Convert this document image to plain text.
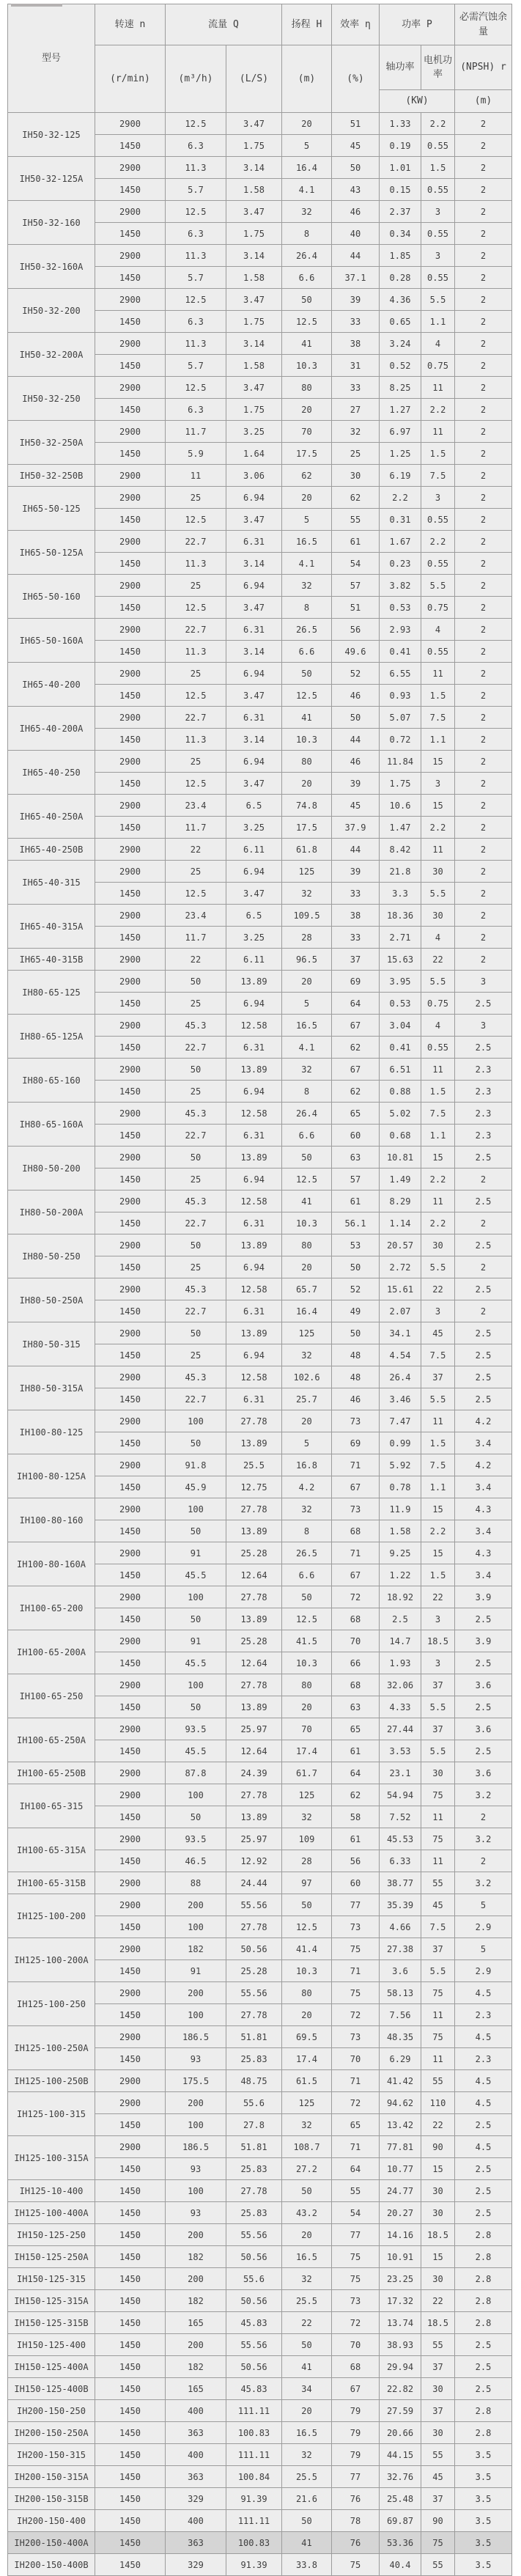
型号	转速 n	流量 Q		扬程 H	效率 η	功率 P		必需汽蚀余量
	(r/min)	(m³/h)	(L/S)	(m)	(%)	轴功率	电机功率	(NPSH) r
						(KW)		(m)
IH50-32-125	2900	12.5	3.47	20	51	1.33	2.2	2
	1450	6.3	1.75	5	45	0.19	0.55	2
IH50-32-125A	2900	11.3	3.14	16.4	50	1.01	1.5	2
	1450	5.7	1.58	4.1	43	0.15	0.55	2
IH50-32-160	2900	12.5	3.47	32	46	2.37	3	2
	1450	6.3	1.75	8	40	0.34	0.55	2
IH50-32-160A	2900	11.3	3.14	26.4	44	1.85	3	2
	1450	5.7	1.58	6.6	37.1	0.28	0.55	2
IH50-32-200	2900	12.5	3.47	50	39	4.36	5.5	2
	1450	6.3	1.75	12.5	33	0.65	1.1	2
IH50-32-200A	2900	11.3	3.14	41	38	3.24	4	2
	1450	5.7	1.58	10.3	31	0.52	0.75	2
IH50-32-250	2900	12.5	3.47	80	33	8.25	11	2
	1450	6.3	1.75	20	27	1.27	2.2	2
IH50-32-250A	2900	11.7	3.25	70	32	6.97	11	2
	1450	5.9	1.64	17.5	25	1.25	1.5	2
IH50-32-250B	2900	11	3.06	62	30	6.19	7.5	2
IH65-50-125	2900	25	6.94	20	62	2.2	3	2
	1450	12.5	3.47	5	55	0.31	0.55	2
IH65-50-125A	2900	22.7	6.31	16.5	61	1.67	2.2	2
	1450	11.3	3.14	4.1	54	0.23	0.55	2
IH65-50-160	2900	25	6.94	32	57	3.82	5.5	2
	1450	12.5	3.47	8	51	0.53	0.75	2
IH65-50-160A	2900	22.7	6.31	26.5	56	2.93	4	2
	1450	11.3	3.14	6.6	49.6	0.41	0.55	2
IH65-40-200	2900	25	6.94	50	52	6.55	11	2
	1450	12.5	3.47	12.5	46	0.93	1.5	2
IH65-40-200A	2900	22.7	6.31	41	50	5.07	7.5	2
	1450	11.3	3.14	10.3	44	0.72	1.1	2
IH65-40-250	2900	25	6.94	80	46	11.84	15	2
	1450	12.5	3.47	20	39	1.75	3	2
IH65-40-250A	2900	23.4	6.5	74.8	45	10.6	15	2
	1450	11.7	3.25	17.5	37.9	1.47	2.2	2
IH65-40-250B	2900	22	6.11	61.8	44	8.42	11	2
IH65-40-315	2900	25	6.94	125	39	21.8	30	2
	1450	12.5	3.47	32	33	3.3	5.5	2
IH65-40-315A	2900	23.4	6.5	109.5	38	18.36	30	2
	1450	11.7	3.25	28	33	2.71	4	2
IH65-40-315B	2900	22	6.11	96.5	37	15.63	22	2
IH80-65-125	2900	50	13.89	20	69	3.95	5.5	3
	1450	25	6.94	5	64	0.53	0.75	2.5
IH80-65-125A	2900	45.3	12.58	16.5	67	3.04	4	3
	1450	22.7	6.31	4.1	62	0.41	0.55	2.5
IH80-65-160	2900	50	13.89	32	67	6.51	11	2.3
	1450	25	6.94	8	62	0.88	1.5	2.3
IH80-65-160A	2900	45.3	12.58	26.4	65	5.02	7.5	2.3
	1450	22.7	6.31	6.6	60	0.68	1.1	2.3
IH80-50-200	2900	50	13.89	50	63	10.81	15	2.5
	1450	25	6.94	12.5	57	1.49	2.2	2
IH80-50-200A	2900	45.3	12.58	41	61	8.29	11	2.5
	1450	22.7	6.31	10.3	56.1	1.14	2.2	2
IH80-50-250	2900	50	13.89	80	53	20.57	30	2.5
	1450	25	6.94	20	50	2.72	5.5	2
IH80-50-250A	2900	45.3	12.58	65.7	52	15.61	22	2.5
	1450	22.7	6.31	16.4	49	2.07	3	2
IH80-50-315	2900	50	13.89	125	50	34.1	45	2.5
	1450	25	6.94	32	48	4.54	7.5	2.5
IH80-50-315A	2900	45.3	12.58	102.6	48	26.4	37	2.5
	1450	22.7	6.31	25.7	46	3.46	5.5	2.5
IH100-80-125	2900	100	27.78	20	73	7.47	11	4.2
	1450	50	13.89	5	69	0.99	1.5	3.4
IH100-80-125A	2900	91.8	25.5	16.8	71	5.92	7.5	4.2
	1450	45.9	12.75	4.2	67	0.78	1.1	3.4
IH100-80-160	2900	100	27.78	32	73	11.9	15	4.3
	1450	50	13.89	8	68	1.58	2.2	3.4
IH100-80-160A	2900	91	25.28	26.5	71	9.25	15	4.3
	1450	45.5	12.64	6.6	67	1.22	1.5	3.4
IH100-65-200	2900	100	27.78	50	72	18.92	22	3.9
	1450	50	13.89	12.5	68	2.5	3	2.5
IH100-65-200A	2900	91	25.28	41.5	70	14.7	18.5	3.9
	1450	45.5	12.64	10.3	66	1.93	3	2.5
IH100-65-250	2900	100	27.78	80	68	32.06	37	3.6
	1450	50	13.89	20	63	4.33	5.5	2.5
IH100-65-250A	2900	93.5	25.97	70	65	27.44	37	3.6
	1450	45.5	12.64	17.4	61	3.53	5.5	2.5
IH100-65-250B	2900	87.8	24.39	61.7	64	23.1	30	3.6
IH100-65-315	2900	100	27.78	125	62	54.94	75	3.2
	1450	50	13.89	32	58	7.52	11	2
IH100-65-315A	2900	93.5	25.97	109	61	45.53	75	3.2
	1450	46.5	12.92	28	56	6.33	11	2
IH100-65-315B	2900	88	24.44	97	60	38.77	55	3.2
IH125-100-200	2900	200	55.56	50	77	35.39	45	5
	1450	100	27.78	12.5	73	4.66	7.5	2.9
IH125-100-200A	2900	182	50.56	41.4	75	27.38	37	5
	1450	91	25.28	10.3	71	3.6	5.5	2.9
IH125-100-250	2900	200	55.56	80	75	58.13	75	4.5
	1450	100	27.78	20	72	7.56	11	2.3
IH125-100-250A	2900	186.5	51.81	69.5	73	48.35	75	4.5
	1450	93	25.83	17.4	70	6.29	11	2.3
IH125-100-250B	2900	175.5	48.75	61.5	71	41.42	55	4.5
IH125-100-315	2900	200	55.6	125	72	94.62	110	4.5
	1450	100	27.8	32	65	13.42	22	2.5
IH125-100-315A	2900	186.5	51.81	108.7	71	77.81	90	4.5
	1450	93	25.83	27.2	64	10.77	15	2.5
IH125-10-400	1450	100	27.78	50	55	24.77	30	2.5
IH125-100-400A	1450	93	25.83	43.2	54	20.27	30	2.5
IH150-125-250	1450	200	55.56	20	77	14.16	18.5	2.8
IH150-125-250A	1450	182	50.56	16.5	75	10.91	15	2.8
IH150-125-315	1450	200	55.6	32	75	23.25	30	2.8
IH150-125-315A	1450	182	50.56	25.5	73	17.32	22	2.8
IH150-125-315B	1450	165	45.83	22	72	13.74	18.5	2.8
IH150-125-400	1450	200	55.56	50	70	38.93	55	2.5
IH150-125-400A	1450	182	50.56	41	68	29.94	37	2.5
IH150-125-400B	1450	165	45.83	34	67	22.82	30	2.5
IH200-150-250	1450	400	111.11	20	79	27.59	37	2.8
IH200-150-250A	1450	363	100.83	16.5	79	20.66	30	2.8
IH200-150-315	1450	400	111.11	32	79	44.15	55	3.5
IH200-150-315A	1450	363	100.84	25.5	77	32.76	45	3.5
IH200-150-315B	1450	329	91.39	21.6	76	25.48	37	3.5
IH200-150-400	1450	400	111.11	50	78	69.87	90	3.5
IH200-150-400A	1450	363	100.83	41	76	53.36	75	3.5
IH200-150-400B	1450	329	91.39	33.8	75	40.4	55	3.5
